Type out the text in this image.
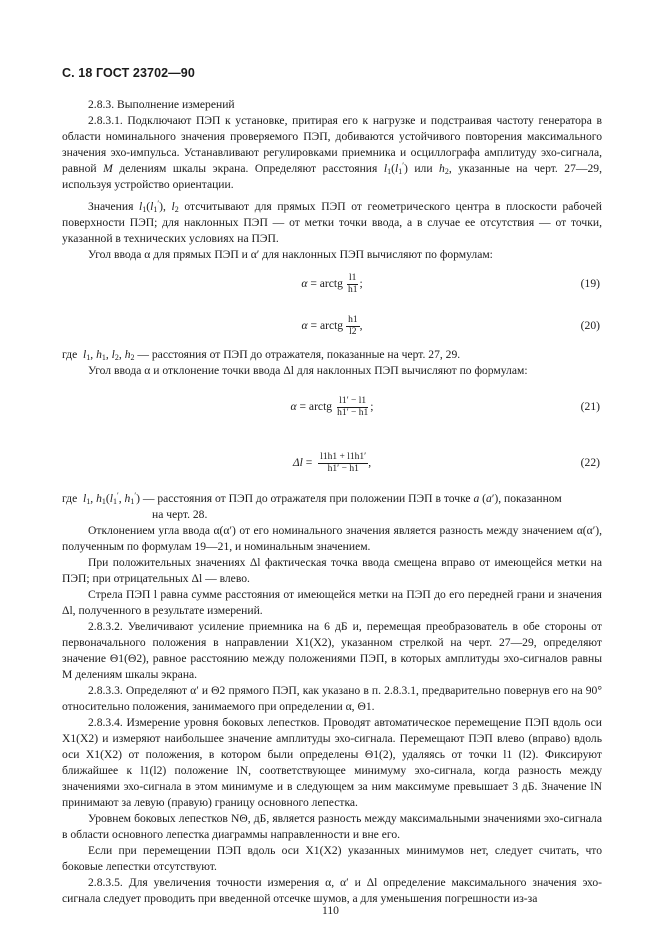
С. 18 ГОСТ 23702—90

2.8.3. Выполнение измерений

2.8.3.1. Подключают ПЭП к установке, притирая его к нагрузке и подстраивая частоту генератора в области номинального значения проверяемого ПЭП, добиваются устойчивого повторения максимального значения эхо-импульса. Устанавливают регулировками приемника и осциллографа амплитуду эхо-сигнала, равной M делениям шкалы экрана. Определяют расстояния $l_1(l_1')$ или $h_2$, указанные на черт. 27—29, используя устройство ориентации.

Значения $l_1(l_1')$, $l_2$ отсчитывают для прямых ПЭП от геометрического центра в плоскости рабочей поверхности ПЭП; для наклонных ПЭП — от метки точки ввода, а в случае ее отсутствия — от точки, указанной в технических условиях на ПЭП.

Угол ввода α для прямых ПЭП и α′ для наклонных ПЭП вычисляют по формулам:

α
=
arctg $\frac{l1}{h1}$ ;	(19)
α
=
arctg $\frac{h1}{l2}$ ,	(20)

где $l_1$, $h_1$, $l_2$, $h_2$ — расстояния от ПЭП до отражателя, показанные на черт. 27, 29.

Угол ввода α и отклонение точки ввода Δl для наклонных ПЭП вычисляют по формулам:

α
=
arctg $\frac{l1' - l1}{h1' - h1}$ ;	(21)
Δl
=
$\frac{l1h1 + l1h1'}{h1' - h1}$ ,	(22)

где $l_1$, $h_1(l_1'$, $h_1'$) — расстояния от ПЭП до отражателя при положении ПЭП в точке a (a′), показанном

на черт. 28.

Отклонением угла ввода α(α′) от его номинального значения является разность между значением α(α′), полученным по формулам 19—21, и номинальным значением.

При положительных значениях Δl фактическая точка ввода смещена вправо от имеющейся метки на ПЭП; при отрицательных Δl — влево.

Стрела ПЭП l равна сумме расстояния от имеющейся метки на ПЭП до его передней грани и значения Δl, полученного в результате измерений.

2.8.3.2. Увеличивают усиление приемника на 6 дБ и, перемещая преобразователь в обе стороны от первоначального положения в направлении X1(X2), указанном стрелкой на черт. 27—29, определяют значение Θ1(Θ2), равное расстоянию между положениями ПЭП, в которых амплитуды эхо-сигналов равны M делениям шкалы экрана.

2.8.3.3. Определяют α′ и Θ2 прямого ПЭП, как указано в п. 2.8.3.1, предварительно повернув его на 90° относительно положения, занимаемого при определении α, Θ1.

2.8.3.4. Измерение уровня боковых лепестков. Проводят автоматическое перемещение ПЭП вдоль оси X1(X2) и измеряют наибольшее значение амплитуды эхо-сигнала. Перемещают ПЭП влево (вправо) вдоль оси X1(X2) от положения, в котором были определены Θ1(2), удаляясь от точки l1 (l2). Фиксируют ближайшее к l1(l2) положение lN, соответствующее минимуму эхо-сигнала, когда разность между значениями эхо-сигнала в этом минимуме и в следующем за ним максимуме превышает 3 дБ. Значение lN принимают за левую (правую) границу основного лепестка.

Уровнем боковых лепестков NΘ, дБ, является разность между максимальными значениями эхо-сигнала в области основного лепестка диаграммы направленности и вне его.

Если при перемещении ПЭП вдоль оси X1(X2) указанных минимумов нет, следует считать, что боковые лепестки отсутствуют.

2.8.3.5. Для увеличения точности измерения α, α′ и Δl определение максимального значения эхо-сигнала следует проводить при введенной отсечке шумов, а для уменьшения погрешности из-за

110
